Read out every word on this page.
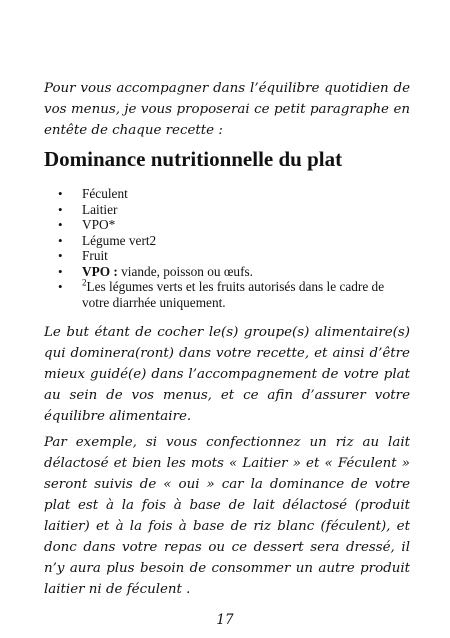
Pour vous accompagner dans l’équilibre quotidien de vos menus, je vous proposerai ce petit paragraphe en entête de chaque recette :

Dominance nutritionnelle du plat
• Féculent
• Laitier
• VPO*
• Légume vert2
• Fruit
• VPO : viande, poisson ou œufs.
• $^2$Les légumes verts et les fruits autorisés dans le cadre de votre diarrhée uniquement.

Le but étant de cocher le(s) groupe(s) alimentaire(s) qui dominera(ront) dans votre recette, et ainsi d’être mieux guidé(e) dans l’accompagnement de votre plat au sein de vos menus, et ce afin d’assurer votre équilibre alimentaire.

Par exemple, si vous confectionnez un riz au lait délactosé et bien les mots « Laitier » et « Féculent » seront suivis de « oui » car la dominance de votre plat est à la fois à base de lait délactosé (produit laitier) et à la fois à base de riz blanc (féculent), et donc dans votre repas ou ce dessert sera dressé, il n’y aura plus besoin de consommer un autre produit laitier ni de féculent .

17
